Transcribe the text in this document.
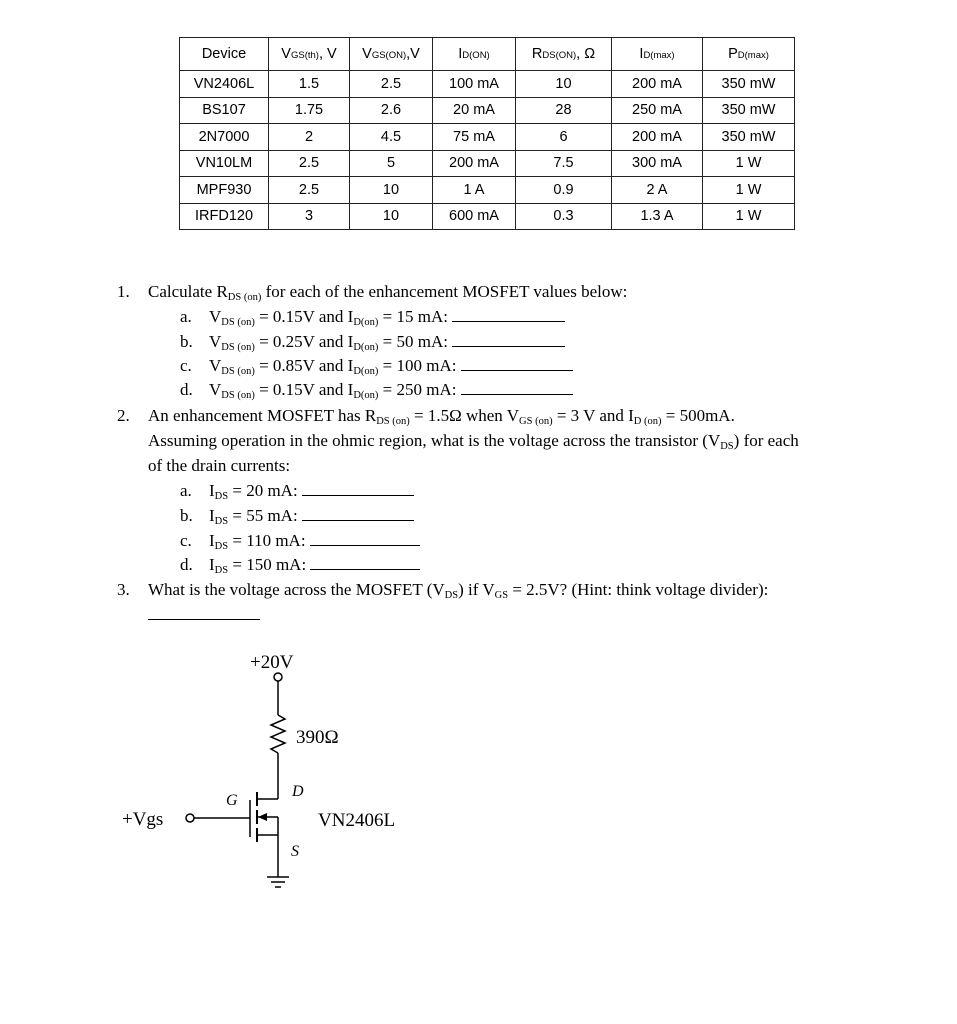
Device	VGS(th), V	VGS(ON),V	ID(ON)	RDS(ON), Ω	ID(max)	PD(max)
VN2406L	1.5	2.5	100 mA	10	200 mA	350 mW
BS107	1.75	2.6	20 mA	28	250 mA	350 mW
2N7000	2	4.5	75 mA	6	200 mA	350 mW
VN10LM	2.5	5	200 mA	7.5	300 mA	1 W
MPF930	2.5	10	1 A	0.9	2 A	1 W
IRFD120	3	10	600 mA	0.3	1.3 A	1 W
1. Calculate RDS (on) for each of the enhancement MOSFET values below:
a. VDS (on) = 0.15V and ID(on) = 15 mA:
b. VDS (on) = 0.25V and ID(on) = 50 mA:
c. VDS (on) = 0.85V and ID(on) = 100 mA:
d. VDS (on) = 0.15V and ID(on) = 250 mA:
2. An enhancement MOSFET has RDS (on) = 1.5Ω when VGS (on) = 3 V and ID (on) = 500mA.
Assuming operation in the ohmic region, what is the voltage across the transistor (VDS) for each
of the drain currents:
a. IDS = 20 mA:
b. IDS = 55 mA:
c. IDS = 110 mA:
d. IDS = 150 mA:
3. What is the voltage across the MOSFET (VDS) if VGS = 2.5V? (Hint: think voltage divider):
+20V
390Ω
D
G
+Vgs	VN2406L
S
